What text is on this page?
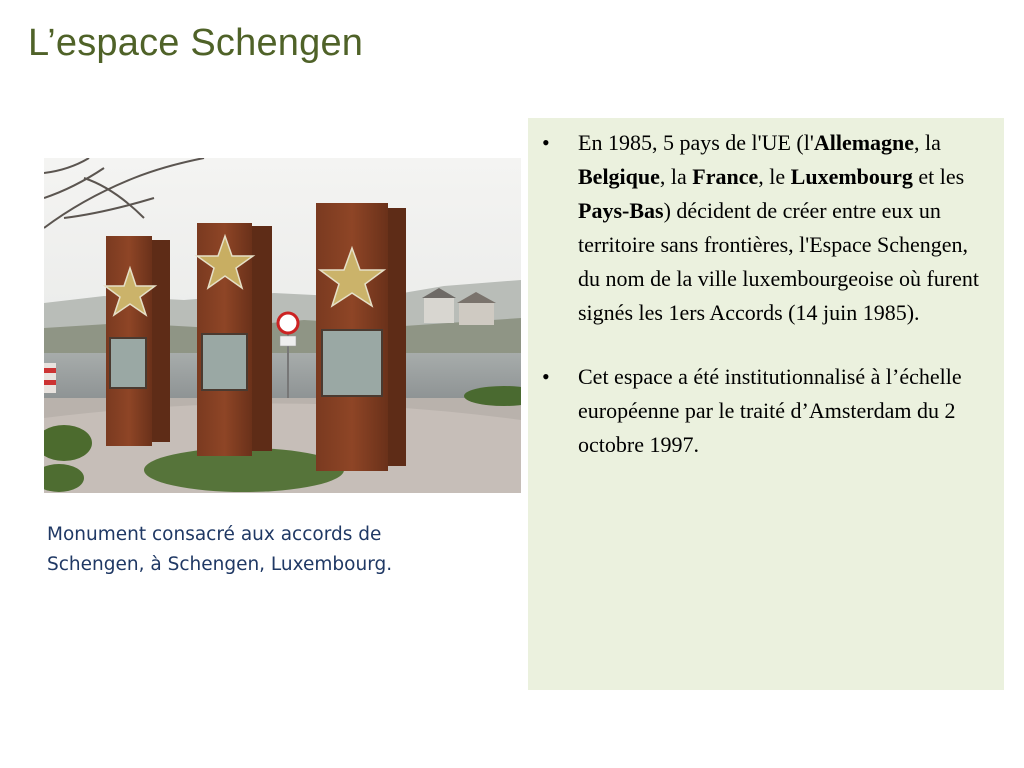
L’espace Schengen
Monument consacré aux accords de Schengen, à Schengen, Luxembourg.
• En 1985, 5 pays de l'UE (l'Allemagne, la Belgique, la France, le Luxembourg et les Pays-Bas) décident de créer entre eux un territoire sans frontières, l'Espace Schengen, du nom de la ville luxembourgeoise où furent signés les 1ers Accords (14 juin 1985).
• Cet espace a été institutionnalisé à l’échelle européenne par le traité d’Amsterdam du 2 octobre 1997.
